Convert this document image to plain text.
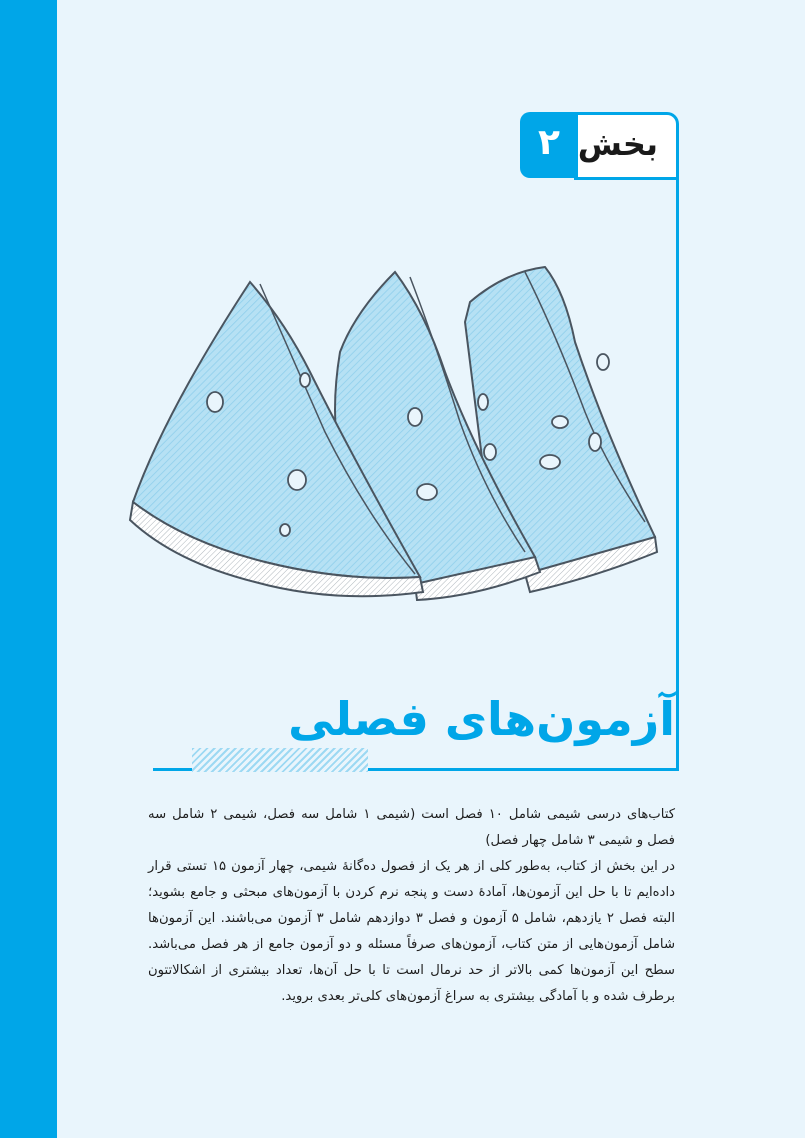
بخش
۲
آزمون‌های فصلی

کتاب‌های درسی شیمی شامل ۱۰ فصل است (شیمی ۱ شامل سه فصل، شیمی ۲ شامل سه فصل و شیمی ۳ شامل چهار فصل)

در این بخش از کتاب، به‌طور کلی از هر یک از فصول ده‌گانهٔ شیمی، چهار آزمون ۱۵ تستی قرار داده‌ایم تا با حل این آزمون‌ها، آمادهٔ دست و پنجه نرم کردن با آزمون‌های مبحثی و جامع بشوید؛ البته فصل ۲ یازدهم، شامل ۵ آزمون و فصل ۳ دوازدهم شامل ۳ آزمون می‌باشند. این آزمون‌ها شامل آزمون‌هایی از متن کتاب، آزمون‌های صرفاً مسئله و دو آزمون جامع از هر فصل می‌باشد. سطح این آزمون‌ها کمی بالاتر از حد نرمال است تا با حل آن‌ها، تعداد بیشتری از اشکالاتتون برطرف شده و با آمادگی بیشتری به سراغ آزمون‌های کلی‌تر بعدی بروید.
